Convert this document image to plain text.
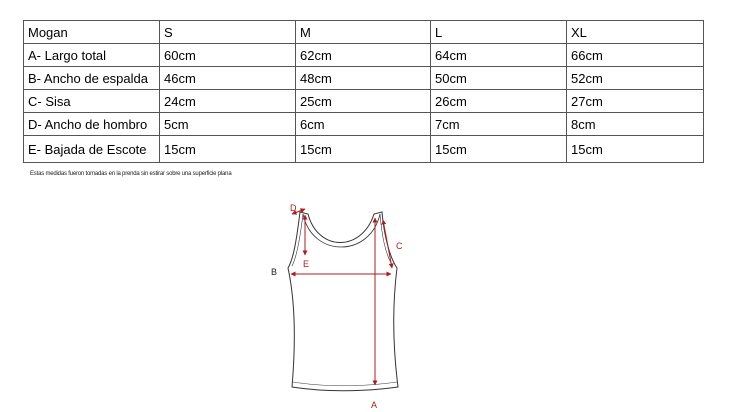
Mogan	S	M	L	XL
A- Largo total	60cm	62cm	64cm	66cm
B- Ancho de espalda	46cm	48cm	50cm	52cm
C- Sisa	24cm	25cm	26cm	27cm
D- Ancho de hombro	5cm	6cm	7cm	8cm
E- Bajada de Escote	15cm	15cm	15cm	15cm
Estas medidas fueron tomadas en la prenda sin estirar sobre una superficie plana
A
B
C
D
E
